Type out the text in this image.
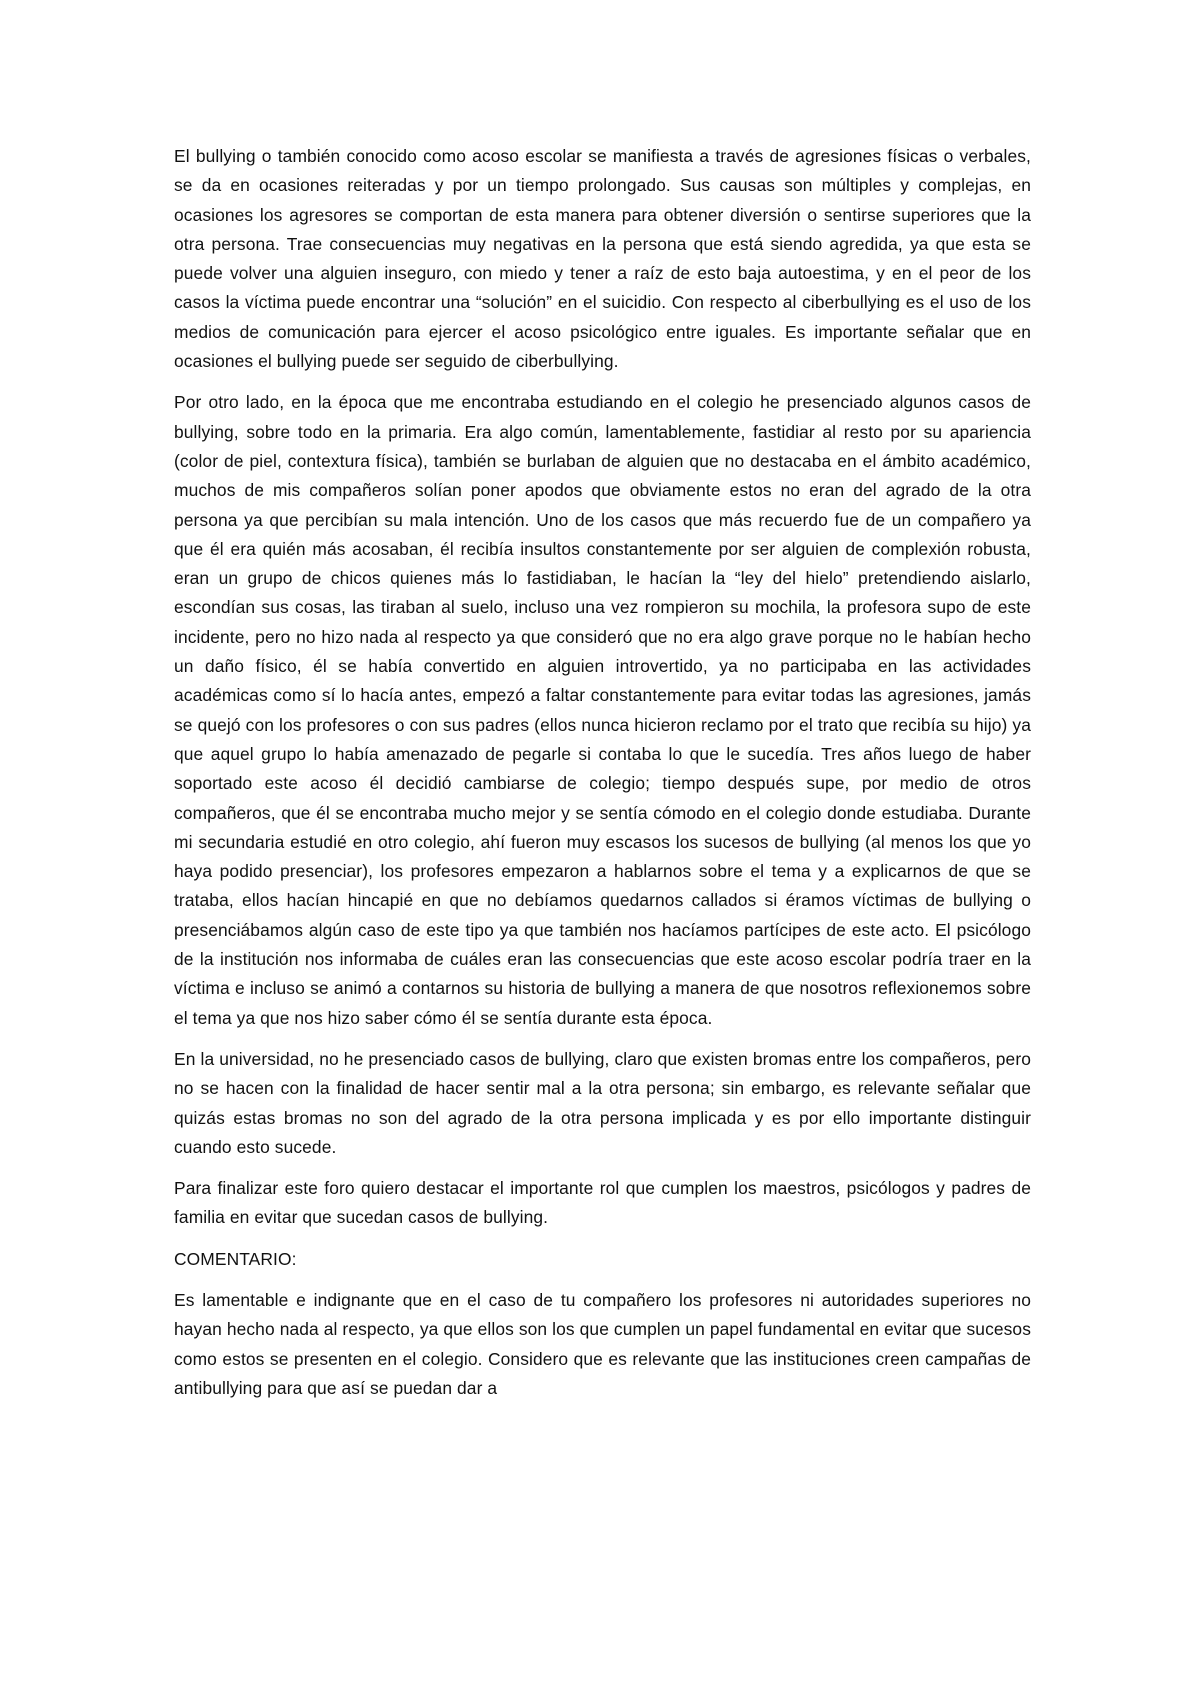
El bullying o también conocido como acoso escolar se manifiesta a través de agresiones físicas o verbales, se da en ocasiones reiteradas y por un tiempo prolongado. Sus causas son múltiples y complejas, en ocasiones los agresores se comportan de esta manera para obtener diversión o sentirse superiores que la otra persona. Trae consecuencias muy negativas en la persona que está siendo agredida, ya que esta se puede volver una alguien inseguro, con miedo y tener a raíz de esto baja autoestima, y en el peor de los casos la víctima puede encontrar una “solución” en el suicidio. Con respecto al ciberbullying es el uso de los medios de comunicación para ejercer el acoso psicológico entre iguales. Es importante señalar que en ocasiones el bullying puede ser seguido de ciberbullying.

Por otro lado, en la época que me encontraba estudiando en el colegio he presenciado algunos casos de bullying, sobre todo en la primaria. Era algo común, lamentablemente, fastidiar al resto por su apariencia (color de piel, contextura física), también se burlaban de alguien que no destacaba en el ámbito académico, muchos de mis compañeros solían poner apodos que obviamente estos no eran del agrado de la otra persona ya que percibían su mala intención. Uno de los casos que más recuerdo fue de un compañero ya que él era quién más acosaban, él recibía insultos constantemente por ser alguien de complexión robusta, eran un grupo de chicos quienes más lo fastidiaban, le hacían la “ley del hielo” pretendiendo aislarlo, escondían sus cosas, las tiraban al suelo, incluso una vez rompieron su mochila, la profesora supo de este incidente, pero no hizo nada al respecto ya que consideró que no era algo grave porque no le habían hecho un daño físico, él se había convertido en alguien introvertido, ya no participaba en las actividades académicas como sí lo hacía antes, empezó a faltar constantemente para evitar todas las agresiones, jamás se quejó con los profesores o con sus padres (ellos nunca hicieron reclamo por el trato que recibía su hijo) ya que aquel grupo lo había amenazado de pegarle si contaba lo que le sucedía. Tres años luego de haber soportado este acoso él decidió cambiarse de colegio; tiempo después supe, por medio de otros compañeros, que él se encontraba mucho mejor y se sentía cómodo en el colegio donde estudiaba. Durante mi secundaria estudié en otro colegio, ahí fueron muy escasos los sucesos de bullying (al menos los que yo haya podido presenciar), los profesores empezaron a hablarnos sobre el tema y a explicarnos de que se trataba, ellos hacían hincapié en que no debíamos quedarnos callados si éramos víctimas de bullying o presenciábamos algún caso de este tipo ya que también nos hacíamos partícipes de este acto. El psicólogo de la institución nos informaba de cuáles eran las consecuencias que este acoso escolar podría traer en la víctima e incluso se animó a contarnos su historia de bullying a manera de que nosotros reflexionemos sobre el tema ya que nos hizo saber cómo él se sentía durante esta época.

En la universidad, no he presenciado casos de bullying, claro que existen bromas entre los compañeros, pero no se hacen con la finalidad de hacer sentir mal a la otra persona; sin embargo, es relevante señalar que quizás estas bromas no son del agrado de la otra persona implicada y es por ello importante distinguir cuando esto sucede.

Para finalizar este foro quiero destacar el importante rol que cumplen los maestros, psicólogos y padres de familia en evitar que sucedan casos de bullying.

COMENTARIO:

Es lamentable e indignante que en el caso de tu compañero los profesores ni autoridades superiores no hayan hecho nada al respecto, ya que ellos son los que cumplen un papel fundamental en evitar que sucesos como estos se presenten en el colegio. Considero que es relevante que las instituciones creen campañas de antibullying para que así se puedan dar a
